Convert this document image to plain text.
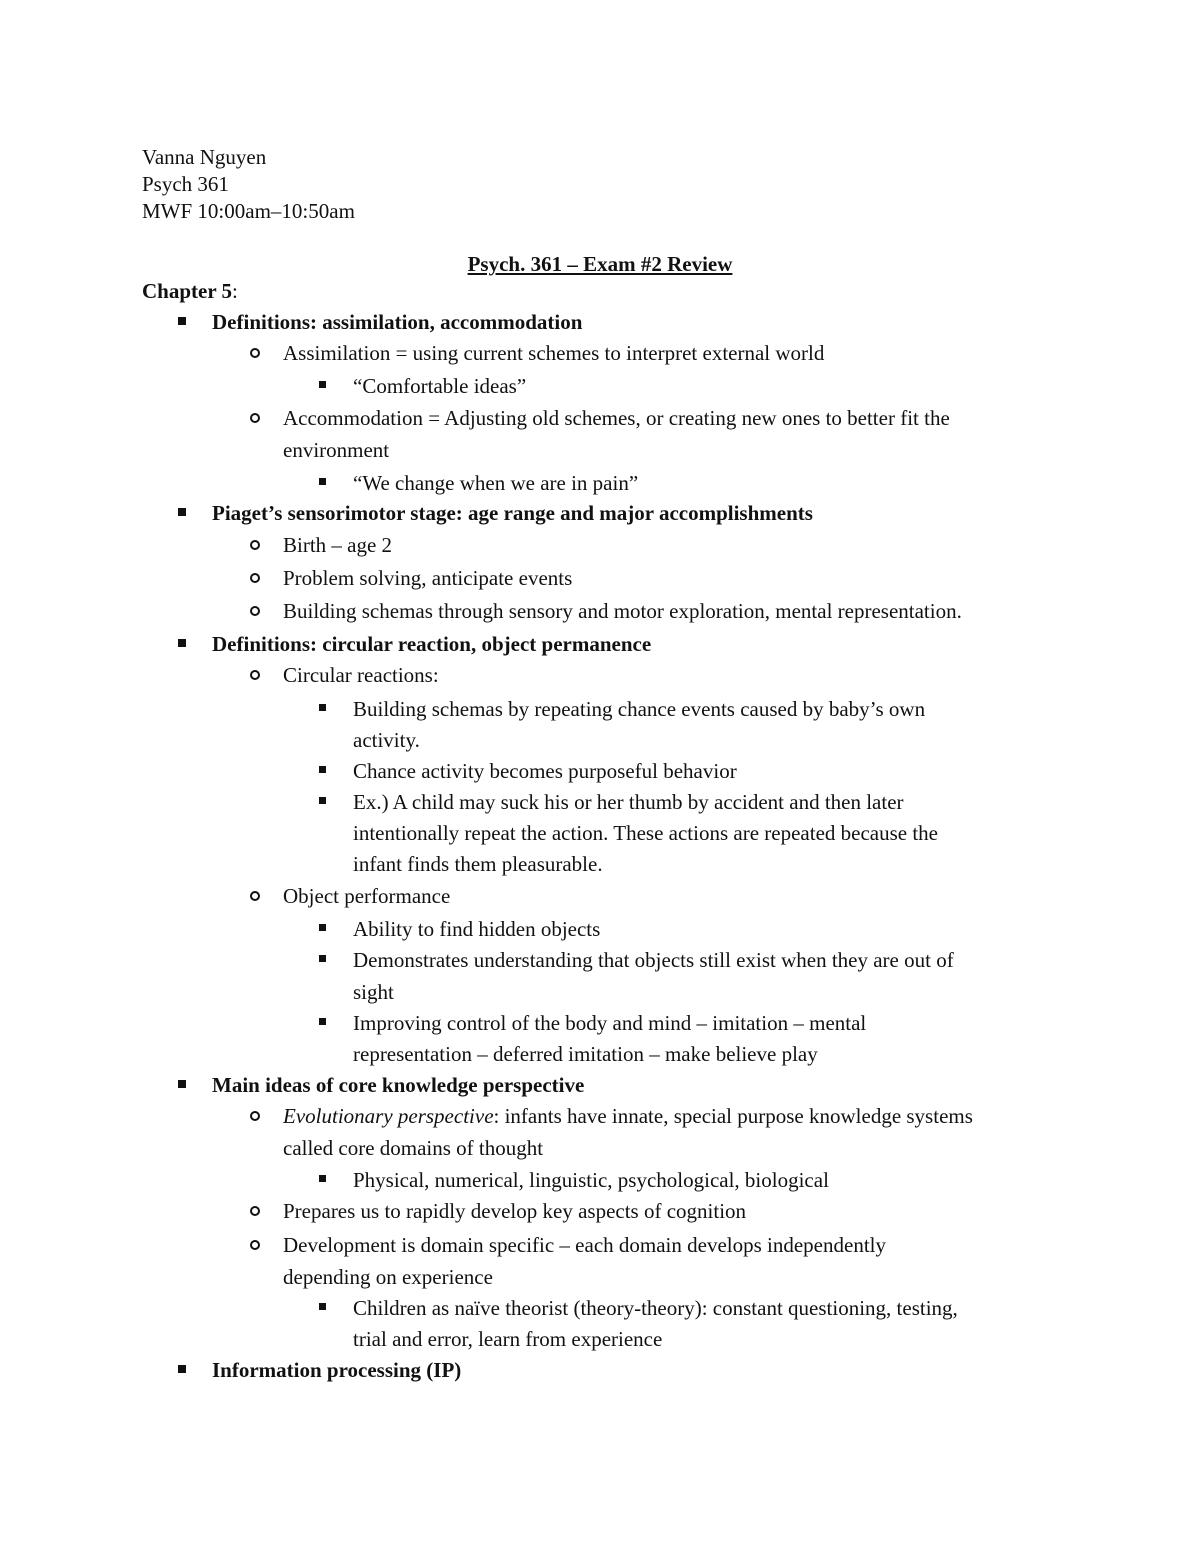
Vanna Nguyen
Psych 361
MWF 10:00am–10:50am
Psych. 361 – Exam #2 Review
Chapter 5:
Definitions: assimilation, accommodation
Assimilation = using current schemes to interpret external world
“Comfortable ideas”
Accommodation = Adjusting old schemes, or creating new ones to better fit the
environment
“We change when we are in pain”
Piaget’s sensorimotor stage: age range and major accomplishments
Birth – age 2
Problem solving, anticipate events
Building schemas through sensory and motor exploration, mental representation.
Definitions: circular reaction, object permanence
Circular reactions:
Building schemas by repeating chance events caused by baby’s own
activity.
Chance activity becomes purposeful behavior
Ex.) A child may suck his or her thumb by accident and then later
intentionally repeat the action. These actions are repeated because the
infant finds them pleasurable.
Object performance
Ability to find hidden objects
Demonstrates understanding that objects still exist when they are out of
sight
Improving control of the body and mind – imitation – mental
representation – deferred imitation – make believe play
Main ideas of core knowledge perspective
Evolutionary perspective: infants have innate, special purpose knowledge systems
called core domains of thought
Physical, numerical, linguistic, psychological, biological
Prepares us to rapidly develop key aspects of cognition
Development is domain specific – each domain develops independently
depending on experience
Children as naïve theorist (theory-theory): constant questioning, testing,
trial and error, learn from experience
Information processing (IP)
